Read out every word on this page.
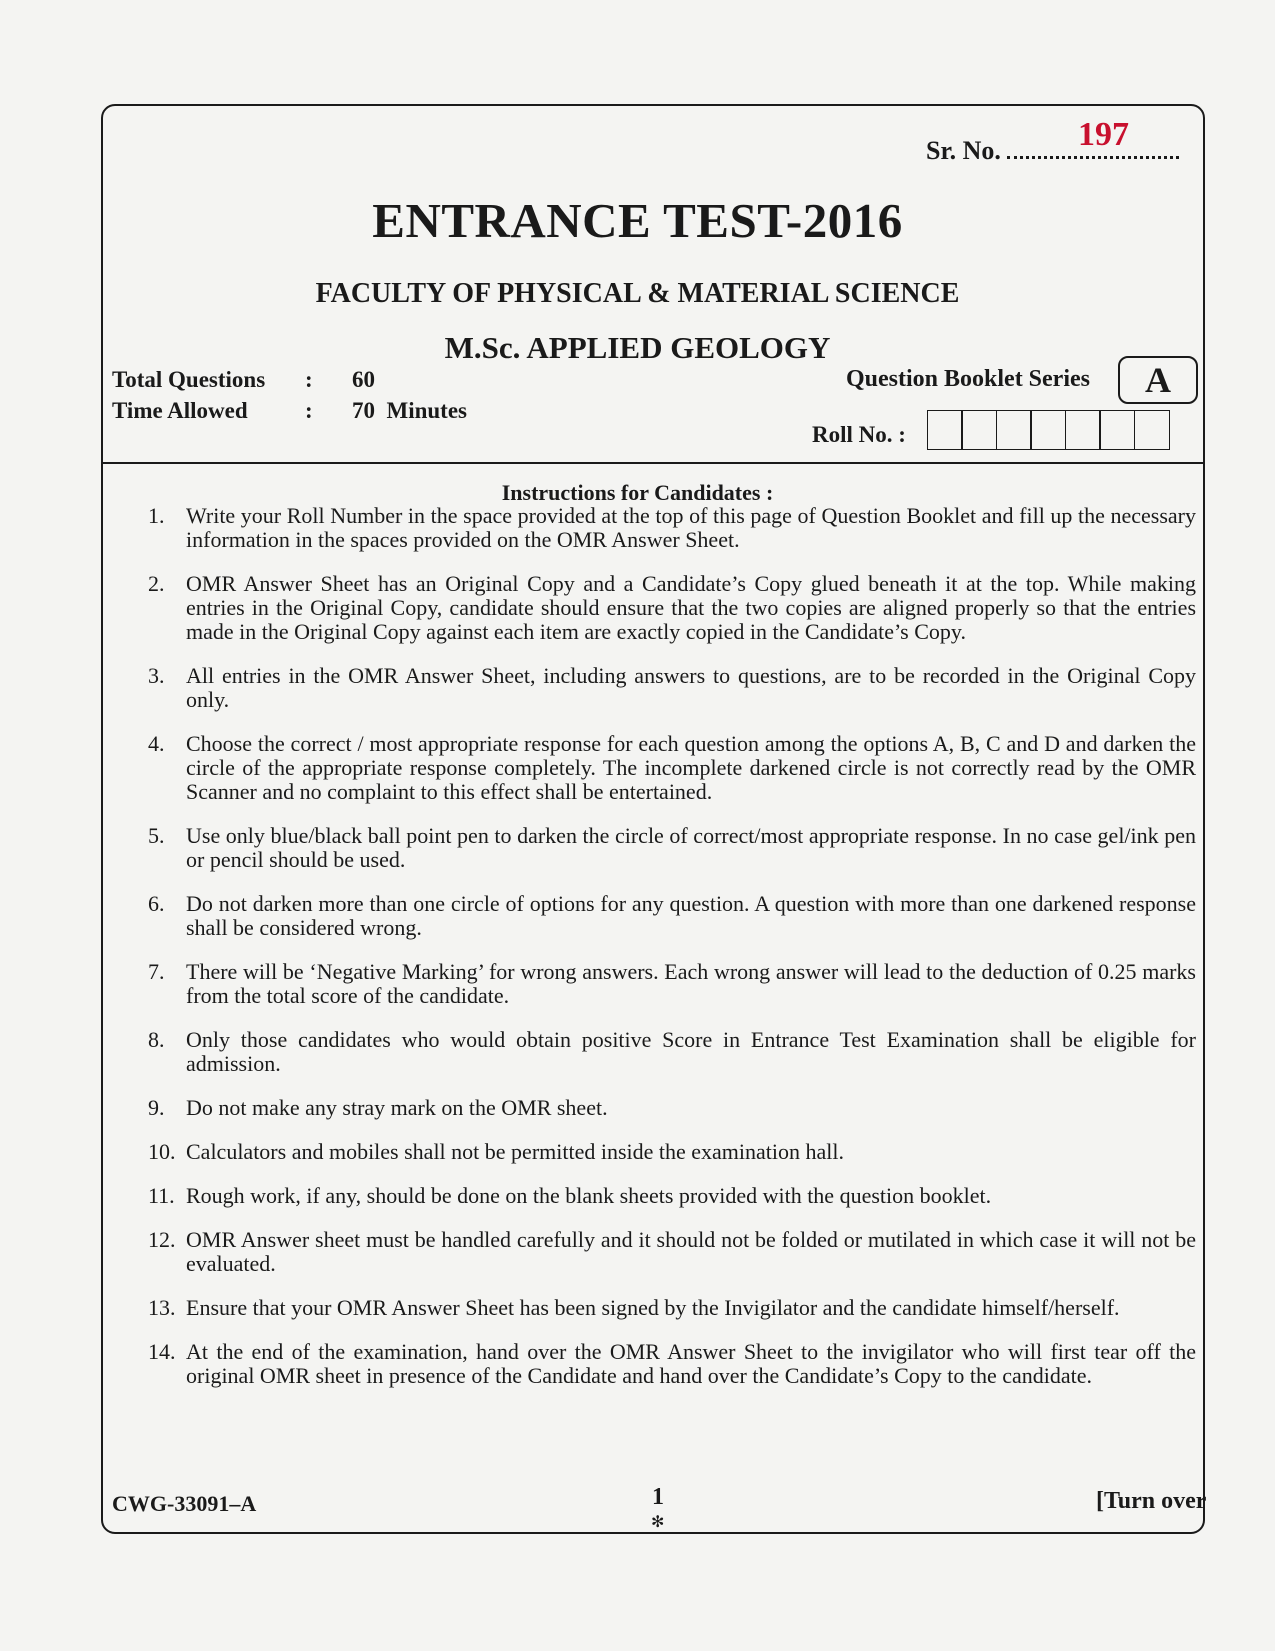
Sr. No.	197
ENTRANCE TEST-2016
FACULTY OF PHYSICAL & MATERIAL SCIENCE
M.Sc. APPLIED GEOLOGY
Question Booklet Series	A
Total Questions : 60
Time Allowed : 70  Minutes
Roll No. :
Instructions for Candidates :
1. Write your Roll Number in the space provided at the top of this page of Question Booklet and fill up the necessary information in the spaces provided on the OMR Answer Sheet.
2. OMR Answer Sheet has an Original Copy and a Candidate’s Copy glued beneath it at the top. While making entries in the Original Copy, candidate should ensure that the two copies are aligned properly so that the entries made in the Original Copy against each item are exactly copied in the Candidate’s Copy.
3. All entries in the OMR Answer Sheet, including answers to questions, are to be recorded in the Original Copy only.
4. Choose the correct / most appropriate response for each question among the options A, B, C and D and darken the circle of the appropriate response completely. The incomplete darkened circle is not correctly read by the OMR Scanner and no complaint to this effect shall be entertained.
5. Use only blue/black ball point pen to darken the circle of correct/most appropriate response. In no case gel/ink pen or pencil should be used.
6. Do not darken more than one circle of options for any question. A question with more than one darkened response shall be considered wrong.
7. There will be ‘Negative Marking’ for wrong answers. Each wrong answer will lead to the deduction of 0.25 marks from the total score of the candidate.
8. Only those candidates who would obtain positive Score in Entrance Test Examination shall be eligible for admission.
9. Do not make any stray mark on the OMR sheet.
10. Calculators and mobiles shall not be permitted inside the examination hall.
11. Rough work, if any, should be done on the blank sheets provided with the question booklet.
12. OMR Answer sheet must be handled carefully and it should not be folded or mutilated in which case it will not be evaluated.
13. Ensure that your OMR Answer Sheet has been signed by the Invigilator and the candidate himself/herself.
14. At the end of the examination, hand over the OMR Answer Sheet to the invigilator who will first tear off the original OMR sheet in presence of the Candidate and hand over the Candidate’s Copy to the candidate.
CWG-33091–A	1
✻
[Turn over
